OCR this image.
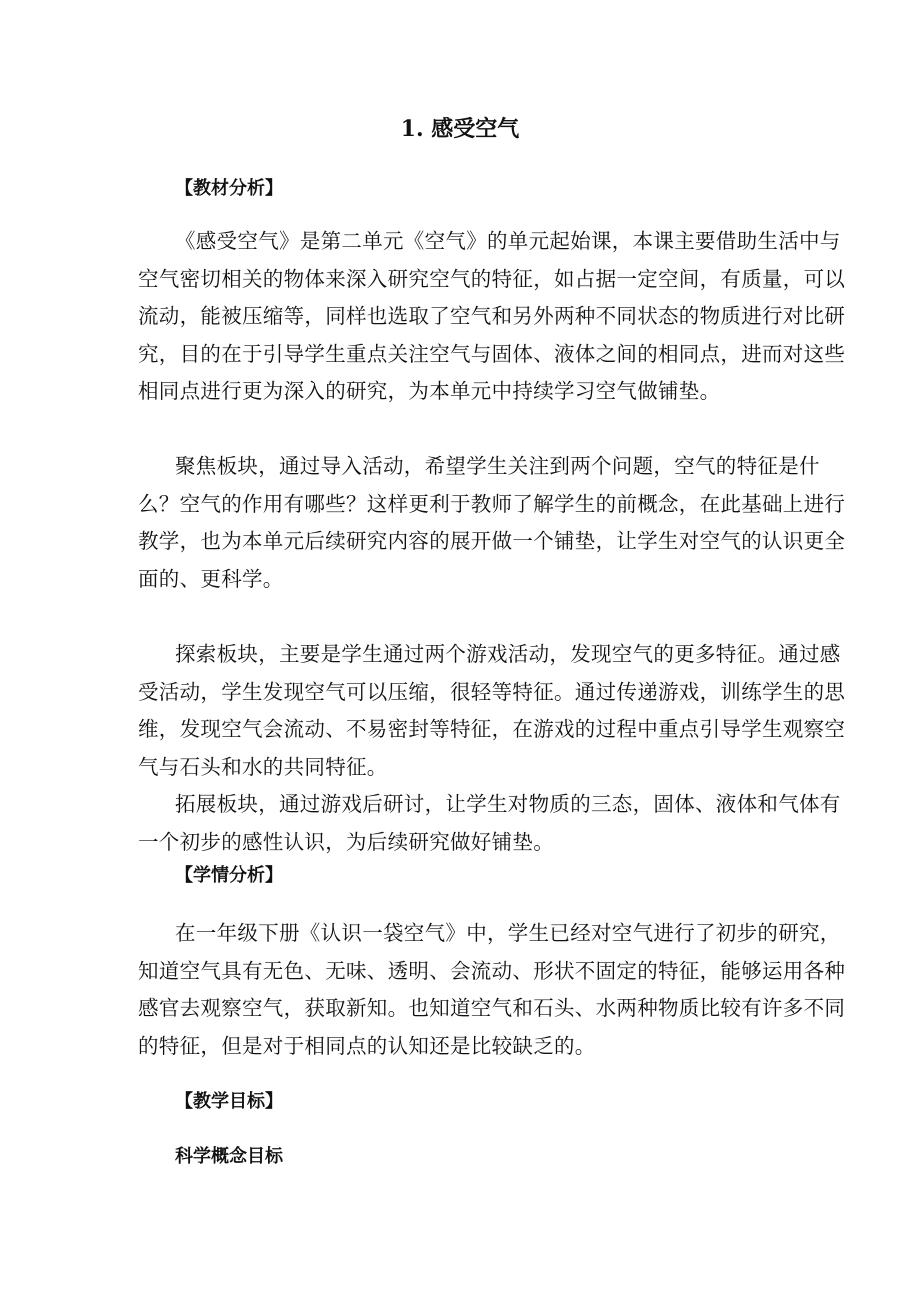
1. 感受空气
【教材分析】
《感受空气》是第二单元《空气》的单元起始课，本课主要借助生活中与
空气密切相关的物体来深入研究空气的特征，如占据一定空间，有质量，可以
流动，能被压缩等，同样也选取了空气和另外两种不同状态的物质进行对比研
究，目的在于引导学生重点关注空气与固体、液体之间的相同点，进而对这些
相同点进行更为深入的研究，为本单元中持续学习空气做铺垫。
聚焦板块，通过导入活动，希望学生关注到两个问题，空气的特征是什
么？空气的作用有哪些？这样更利于教师了解学生的前概念，在此基础上进行
教学，也为本单元后续研究内容的展开做一个铺垫，让学生对空气的认识更全
面的、更科学。
探索板块，主要是学生通过两个游戏活动，发现空气的更多特征。通过感
受活动，学生发现空气可以压缩，很轻等特征。通过传递游戏，训练学生的思
维，发现空气会流动、不易密封等特征，在游戏的过程中重点引导学生观察空
气与石头和水的共同特征。
拓展板块，通过游戏后研讨，让学生对物质的三态，固体、液体和气体有
一个初步的感性认识，为后续研究做好铺垫。
【学情分析】
在一年级下册《认识一袋空气》中，学生已经对空气进行了初步的研究，
知道空气具有无色、无味、透明、会流动、形状不固定的特征，能够运用各种
感官去观察空气，获取新知。也知道空气和石头、水两种物质比较有许多不同
的特征，但是对于相同点的认知还是比较缺乏的。
【教学目标】
科学概念目标
